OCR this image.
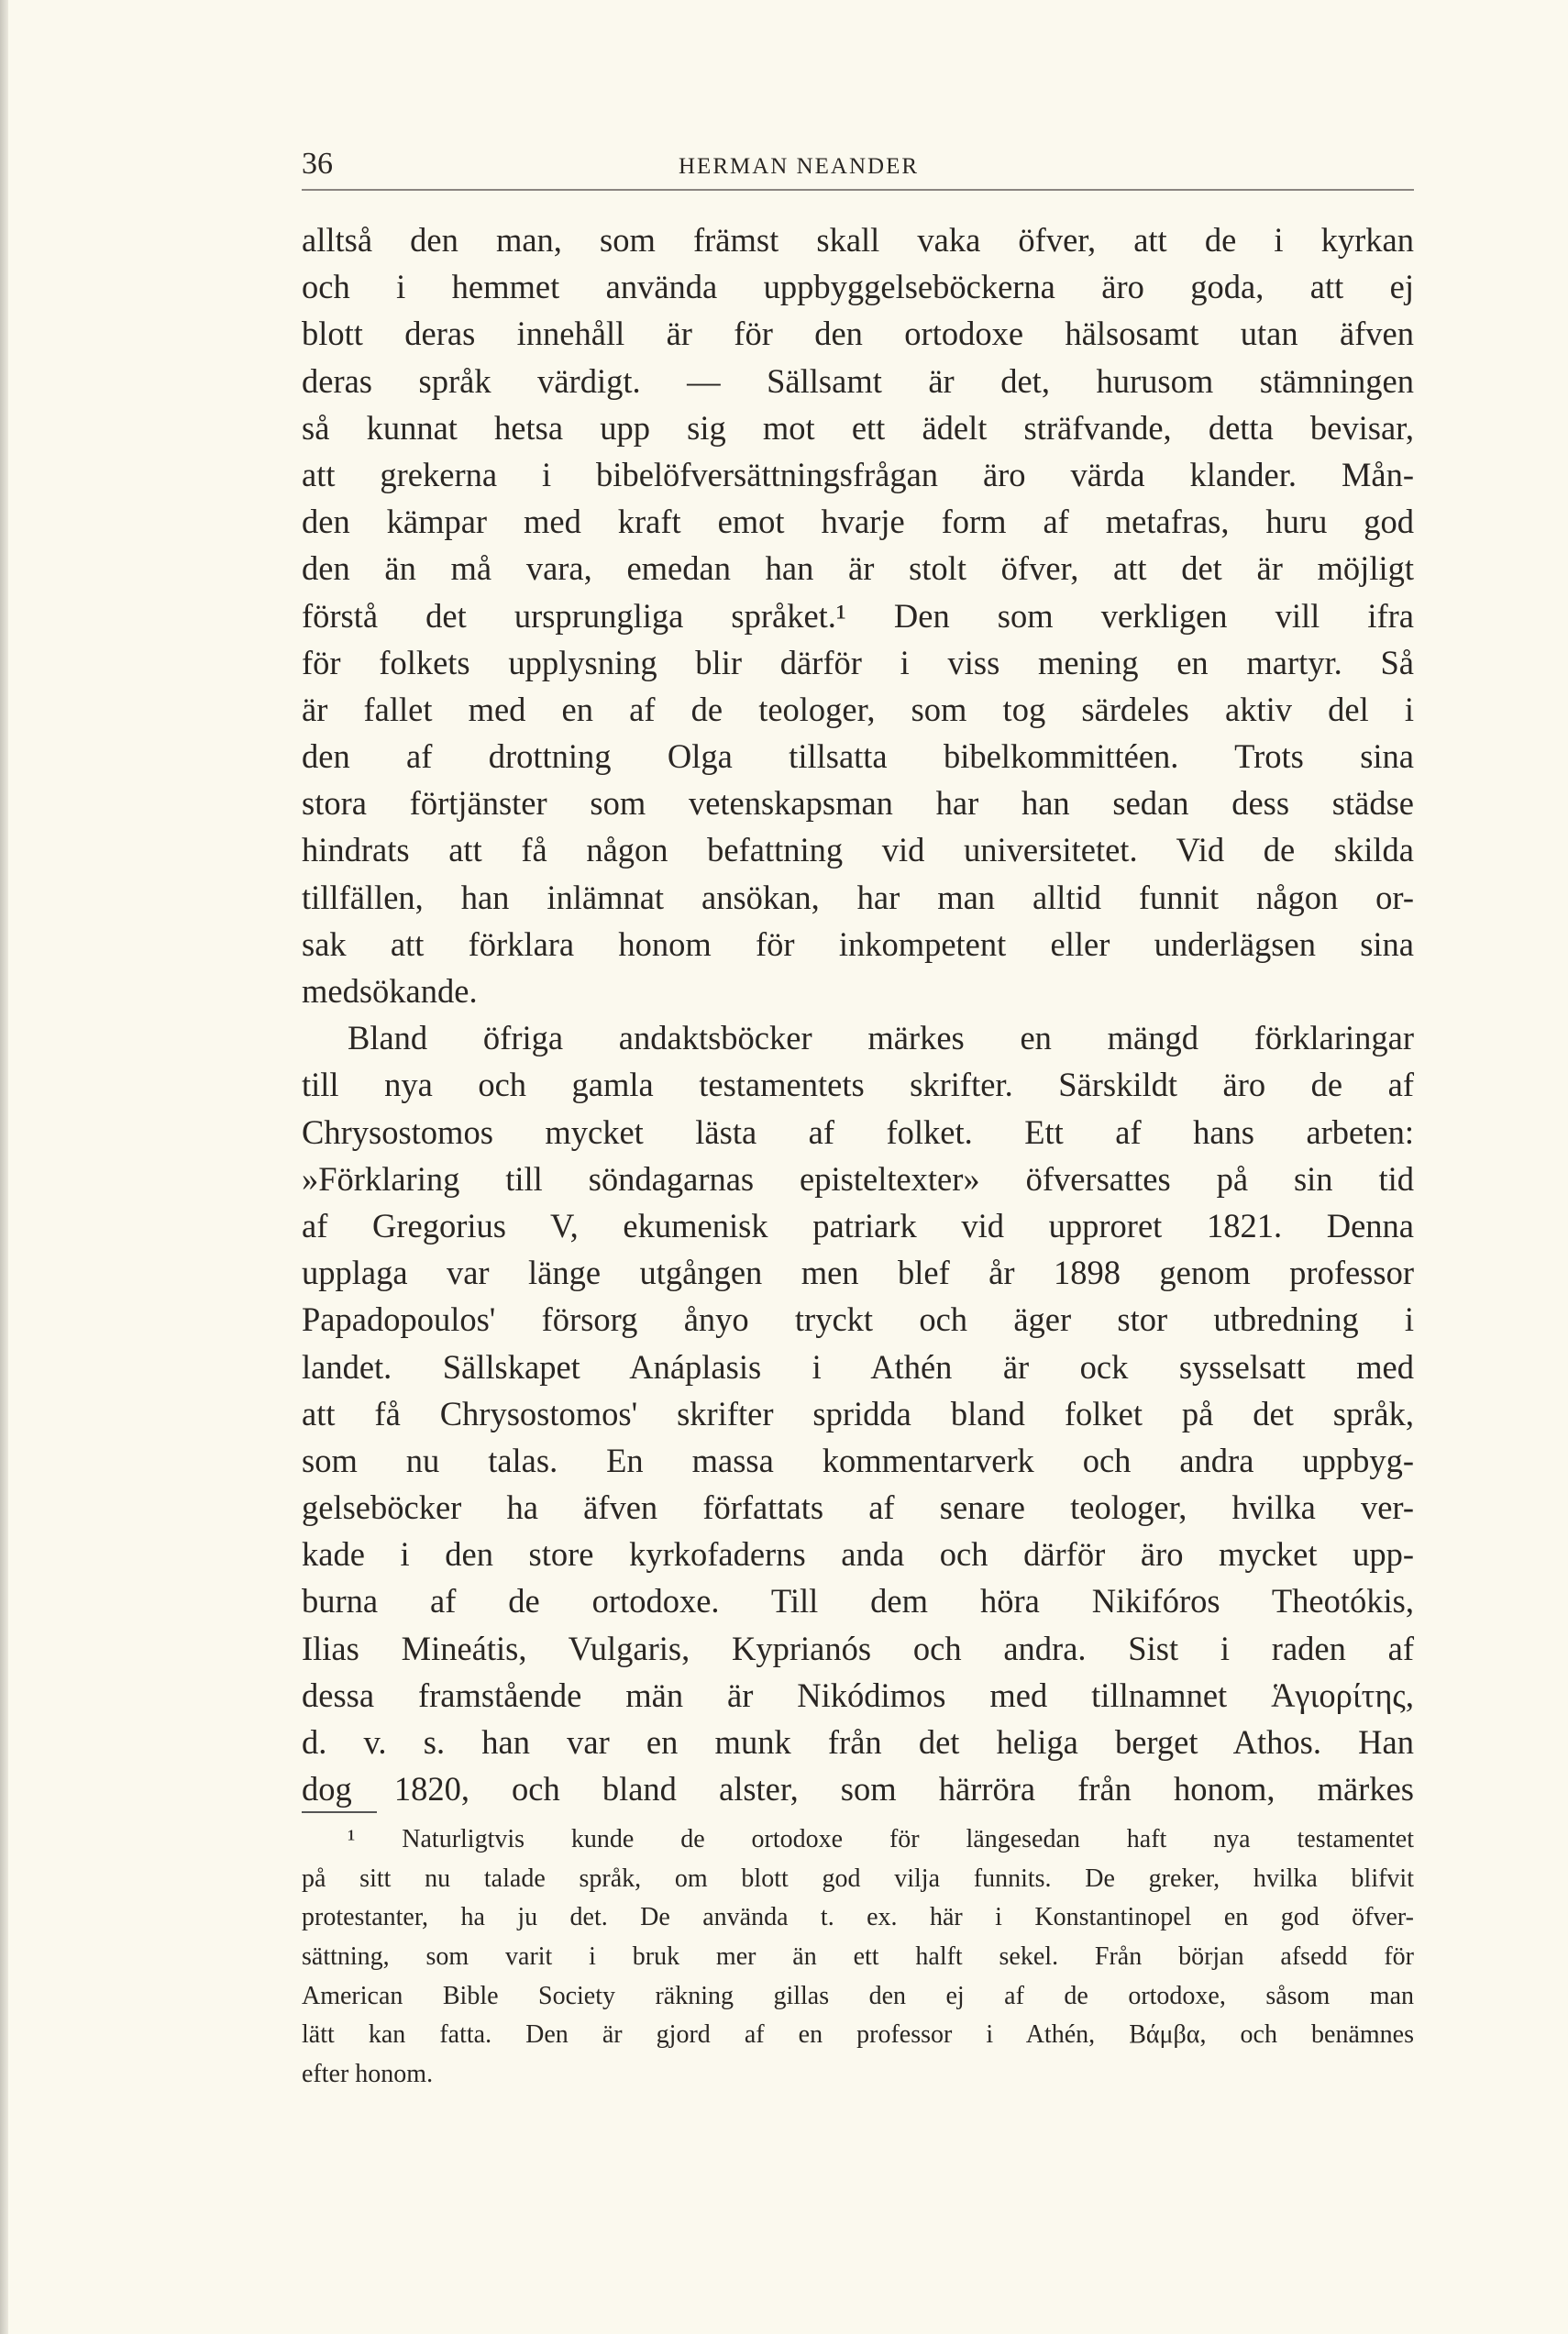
36	HERMAN NEANDER
alltså den man, som främst skall vaka öfver, att de i kyrkan
och i hemmet använda uppbyggelseböckerna äro goda, att ej
blott deras innehåll är för den ortodoxe hälsosamt utan äfven
deras språk värdigt. — Sällsamt är det, hurusom stämningen
så kunnat hetsa upp sig mot ett ädelt sträfvande, detta bevisar,
att grekerna i bibelöfversättningsfrågan äro värda klander. Mån-
den kämpar med kraft emot hvarje form af metafras, huru god
den än må vara, emedan han är stolt öfver, att det är möjligt
förstå det ursprungliga språket.¹ Den som verkligen vill ifra
för folkets upplysning blir därför i viss mening en martyr. Så
är fallet med en af de teologer, som tog särdeles aktiv del i
den af drottning Olga tillsatta bibelkommittéen. Trots sina
stora förtjänster som vetenskapsman har han sedan dess städse
hindrats att få någon befattning vid universitetet. Vid de skilda
tillfällen, han inlämnat ansökan, har man alltid funnit någon or-
sak att förklara honom för inkompetent eller underlägsen sina
medsökande.
Bland öfriga andaktsböcker märkes en mängd förklaringar
till nya och gamla testamentets skrifter. Särskildt äro de af
Chrysostomos mycket lästa af folket. Ett af hans arbeten:
»Förklaring till söndagarnas episteltexter» öfversattes på sin tid
af Gregorius V, ekumenisk patriark vid upproret 1821. Denna
upplaga var länge utgången men blef år 1898 genom professor
Papadopoulos' försorg ånyo tryckt och äger stor utbredning i
landet. Sällskapet Anáplasis i Athén är ock sysselsatt med
att få Chrysostomos' skrifter spridda bland folket på det språk,
som nu talas. En massa kommentarverk och andra uppbyg-
gelseböcker ha äfven författats af senare teologer, hvilka ver-
kade i den store kyrkofaderns anda och därför äro mycket upp-
burna af de ortodoxe. Till dem höra Nikifóros Theotókis,
Ilias Mineátis, Vulgaris, Kyprianós och andra. Sist i raden af
dessa framstående män är Nikódimos med tillnamnet Ἁγιορίτης,
d. v. s. han var en munk från det heliga berget Athos. Han
dog 1820, och bland alster, som härröra från honom, märkes
¹ Naturligtvis kunde de ortodoxe för längesedan haft nya testamentet
på sitt nu talade språk, om blott god vilja funnits. De greker, hvilka blifvit
protestanter, ha ju det. De använda t. ex. här i Konstantinopel en god öfver-
sättning, som varit i bruk mer än ett halft sekel. Från början afsedd för
American Bible Society räkning gillas den ej af de ortodoxe, såsom man
lätt kan fatta. Den är gjord af en professor i Athén, Βάμβα, och benämnes
efter honom.
